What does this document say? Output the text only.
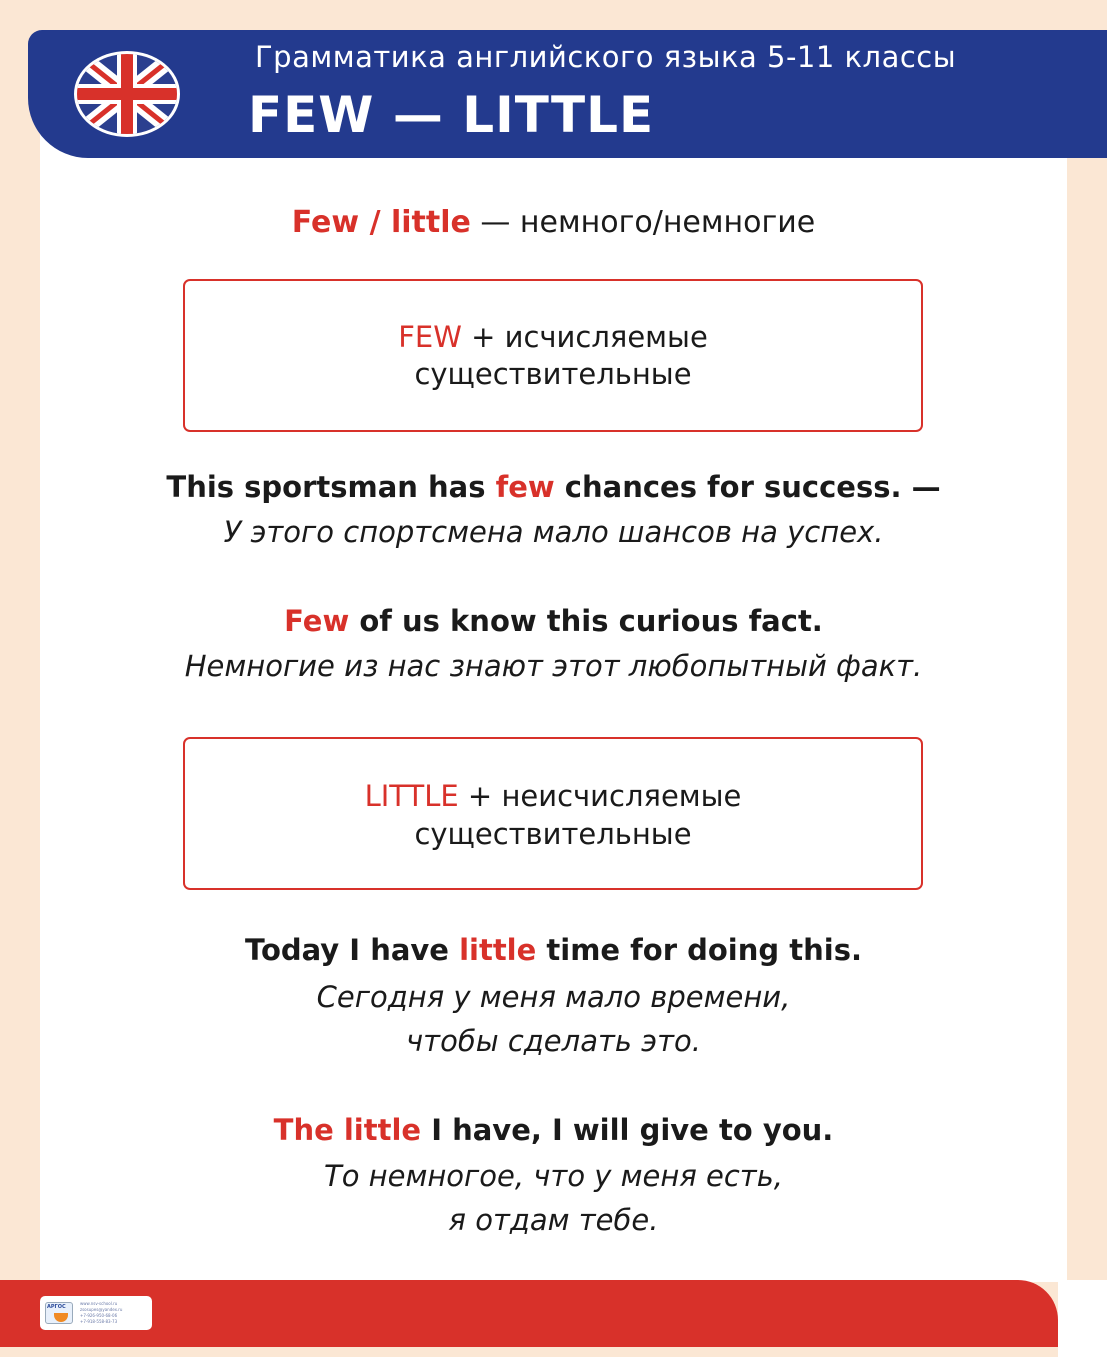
Грамматика английского языка 5-11 классы
FEW — LITTLE
Few / little — немного/немногие
FEW + исчисляемые
существительные
This sportsman has few chances for success. —
У этого спортсмена мало шансов на успех.
Few of us know this curious fact.
Немногие из нас знают этот любопытный факт.
LITTLE + неисчисляемые
существительные
Today I have little time for doing this.
Сегодня у меня мало времени,
чтобы сделать это.
The little I have, I will give to you.
То немногое, что у меня есть,
я отдам тебе.
АРГОС
www.nsv-school.ru
zsosupes@yandex.ru
+7-926-950-68-06
+7-918-558-83-73
